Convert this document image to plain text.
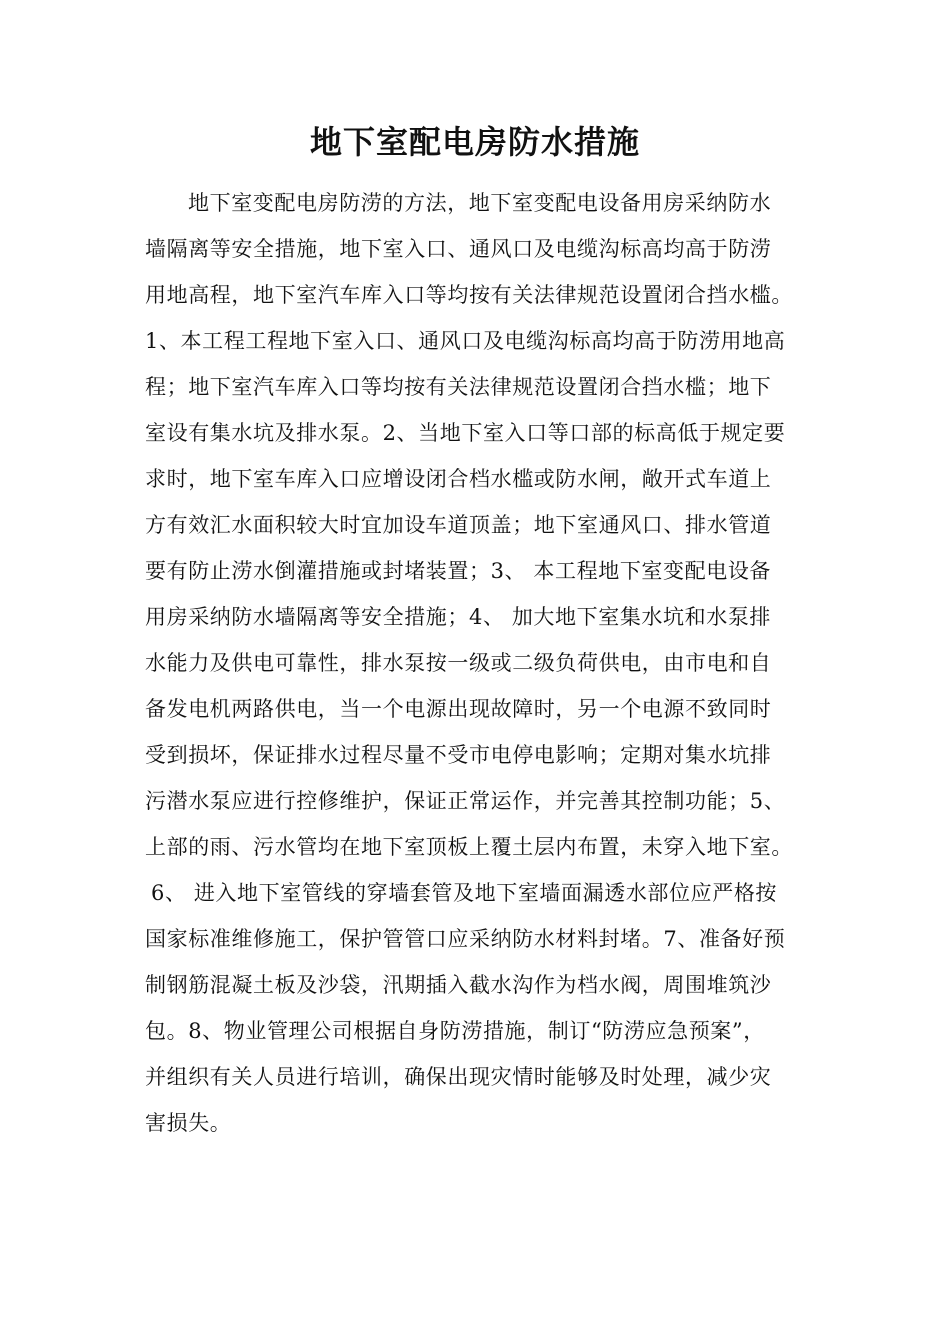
地下室配电房防水措施
地下室变配电房防涝的方法，地下室变配电设备用房采纳防水
墙隔离等安全措施，地下室入口、通风口及电缆沟标高均高于防涝
用地高程，地下室汽车库入口等均按有关法律规范设置闭合挡水槛。
1、本工程工程地下室入口、通风口及电缆沟标高均高于防涝用地高
程；地下室汽车库入口等均按有关法律规范设置闭合挡水槛；地下
室设有集水坑及排水泵。2、当地下室入口等口部的标高低于规定要
求时，地下室车库入口应增设闭合档水槛或防水闸，敞开式车道上
方有效汇水面积较大时宜加设车道顶盖；地下室通风口、排水管道
要有防止涝水倒灌措施或封堵装置；3、 本工程地下室变配电设备
用房采纳防水墙隔离等安全措施；4、 加大地下室集水坑和水泵排
水能力及供电可靠性，排水泵按一级或二级负荷供电，由市电和自
备发电机两路供电，当一个电源出现故障时，另一个电源不致同时
受到损坏，保证排水过程尽量不受市电停电影响；定期对集水坑排
污潜水泵应进行控修维护，保证正常运作，并完善其控制功能；5、
上部的雨、污水管均在地下室顶板上覆土层内布置，未穿入地下室。
6、 进入地下室管线的穿墙套管及地下室墙面漏透水部位应严格按
国家标准维修施工，保护管管口应采纳防水材料封堵。7、准备好预
制钢筋混凝土板及沙袋，汛期插入截水沟作为档水阀，周围堆筑沙
包。8、物业管理公司根据自身防涝措施，制订“防涝应急预案”，
并组织有关人员进行培训，确保出现灾情时能够及时处理，减少灾
害损失。
